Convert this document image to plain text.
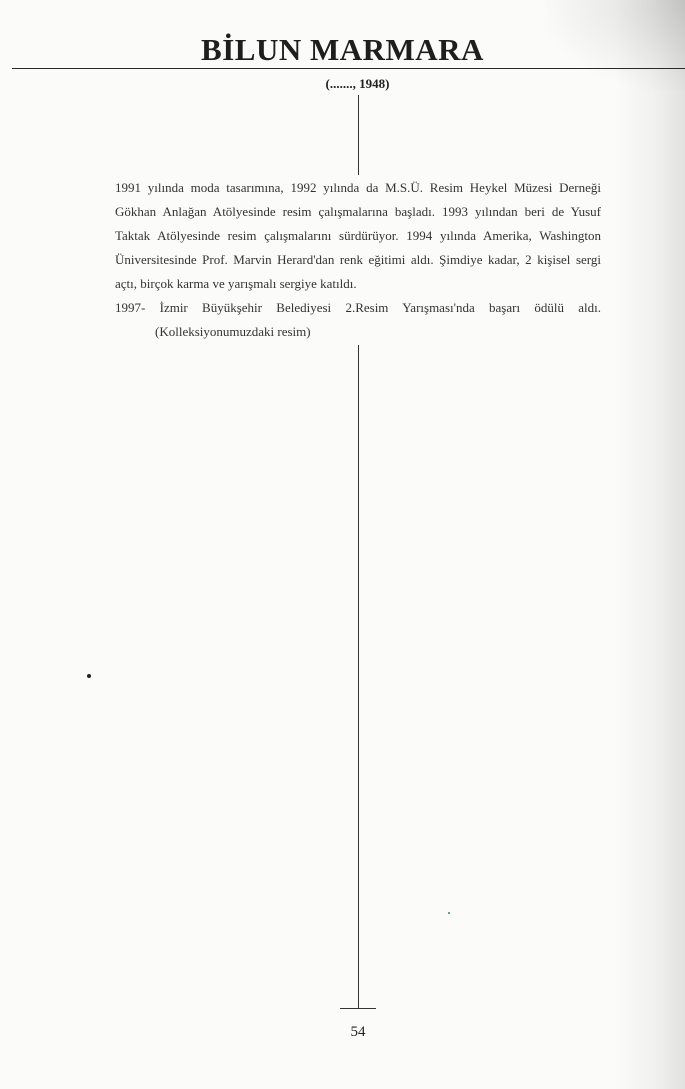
BİLUN MARMARA
(......., 1948)

1991 yılında moda tasarımına, 1992 yılında da M.S.Ü. Resim Heykel Müzesi Derneği Gökhan Anlağan Atölyesinde resim çalışmalarına başladı. 1993 yılından beri de Yusuf Taktak Atölyesinde resim çalışmalarını sürdürüyor. 1994 yılında Amerika, Washington Üniversitesinde Prof. Marvin Herard'dan renk eğitimi aldı. Şimdiye kadar, 2 kişisel sergi açtı, birçok karma ve yarışmalı sergiye katıldı.

1997- İzmir Büyükşehir Belediyesi 2.Resim Yarışması'nda başarı ödülü aldı.

(Kolleksiyonumuzdaki resim)

54
